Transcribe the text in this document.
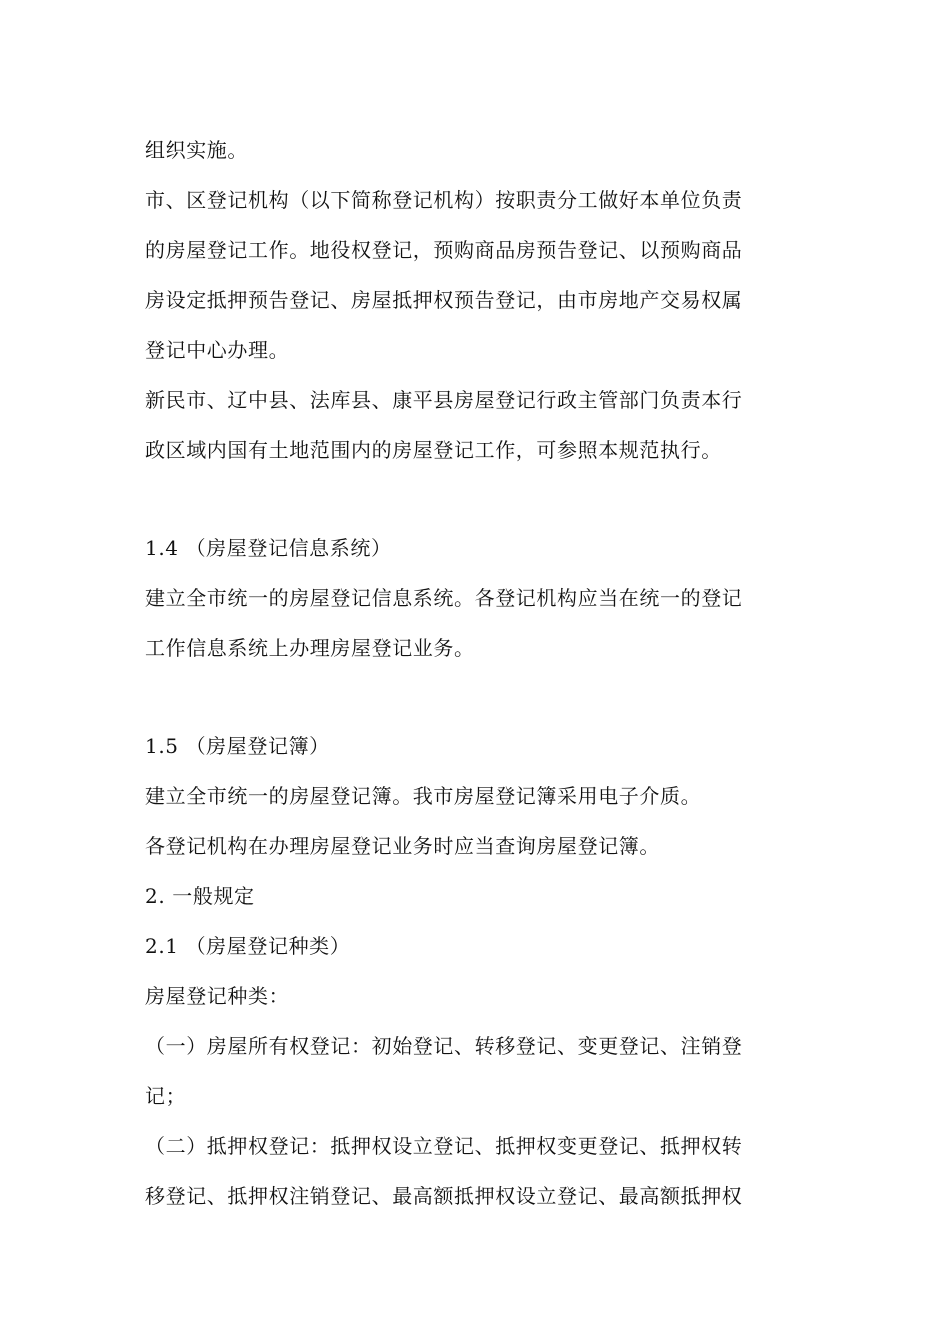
组织实施。
市、区登记机构（以下简称登记机构）按职责分工做好本单位负责
的房屋登记工作。地役权登记，预购商品房预告登记、以预购商品
房设定抵押预告登记、房屋抵押权预告登记，由市房地产交易权属
登记中心办理。
新民市、辽中县、法库县、康平县房屋登记行政主管部门负责本行
政区域内国有土地范围内的房屋登记工作，可参照本规范执行。
1.4 （房屋登记信息系统）
建立全市统一的房屋登记信息系统。各登记机构应当在统一的登记
工作信息系统上办理房屋登记业务。
1.5 （房屋登记簿）
建立全市统一的房屋登记簿。我市房屋登记簿采用电子介质。
各登记机构在办理房屋登记业务时应当查询房屋登记簿。
2. 一般规定
2.1 （房屋登记种类）
房屋登记种类：
（一）房屋所有权登记：初始登记、转移登记、变更登记、注销登
记；
（二）抵押权登记：抵押权设立登记、抵押权变更登记、抵押权转
移登记、抵押权注销登记、最高额抵押权设立登记、最高额抵押权
